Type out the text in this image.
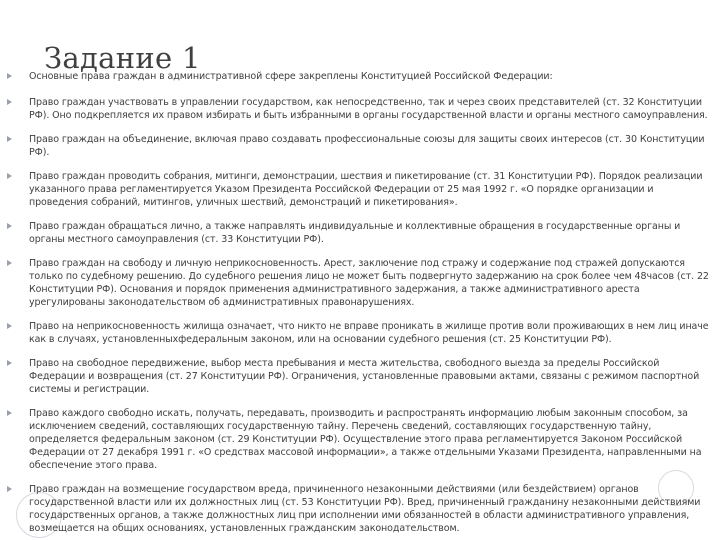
Задание 1
Основные права граждан в административной сфере закреплены Конституцией Российской Федерации:
Право граждан участвовать в управлении государством, как непосредственно, так и через своих представителей (ст. 32 Конституции РФ). Оно подкрепляется их правом избирать и быть избранными в органы государственной власти и органы местного самоуправления.
Право граждан на объединение, включая право создавать профессиональные союзы для защиты своих интересов (ст. 30 Конституции РФ).
Право граждан проводить собрания, митинги, демонстрации, шествия и пикетирование (ст. 31 Конституции РФ). Порядок реализации указанного права регламентируется Указом Президента Российской Федерации от 25 мая 1992 г. «О порядке организации и проведения собраний, митингов, уличных шествий, демонстраций и пикетирования».
Право граждан обращаться лично, а также направлять индивидуальные и коллективные обращения в государственные органы и органы местного самоуправления (ст. 33 Конституции РФ).
Право граждан на свободу и личную неприкосновенность. Арест, заключение под стражу и содержание под стражей допускаются только по судебному решению. До судебного решения лицо не может быть подвергнуто задержанию на срок более чем 48часов (ст. 22 Конституции РФ). Основания и порядок применения административного задержания, а также административного ареста урегулированы законодательством об административных правонарушениях.
Право на неприкосновенность жилища означает, что никто не вправе проникать в жилище против воли проживающих в нем лиц иначе как в случаях, установленныхфедеральным законом, или на основании судебного решения (ст. 25 Конституции РФ).
Право на свободное передвижение, выбор места пребывания и места жительства, свободного выезда за пределы Российской Федерации и возвращения (ст. 27 Конституции РФ). Ограничения, установленные правовыми актами, связаны с режимом паспортной системы и регистрации.
Право каждого свободно искать, получать, передавать, производить и распространять информацию любым законным способом, за исключением сведений, составляющих государственную тайну. Перечень сведений, составляющих государственную тайну, определяется федеральным законом (ст. 29 Конституции РФ). Осуществление этого права регламентируется Законом Российской Федерации от 27 декабря 1991 г. «О средствах массовой информации», а также отдельными Указами Президента, направленными на обеспечение этого права.
Право граждан на возмещение государством вреда, причиненного незаконными действиями (или бездействием) органов государственной власти или их должностных лиц (ст. 53 Конституции РФ). Вред, причиненный гражданину незаконными действиями государственных органов, а также должностных лиц при исполнении ими обязанностей в области административного управления, возмещается на общих основаниях, установленных гражданским законодательством.
